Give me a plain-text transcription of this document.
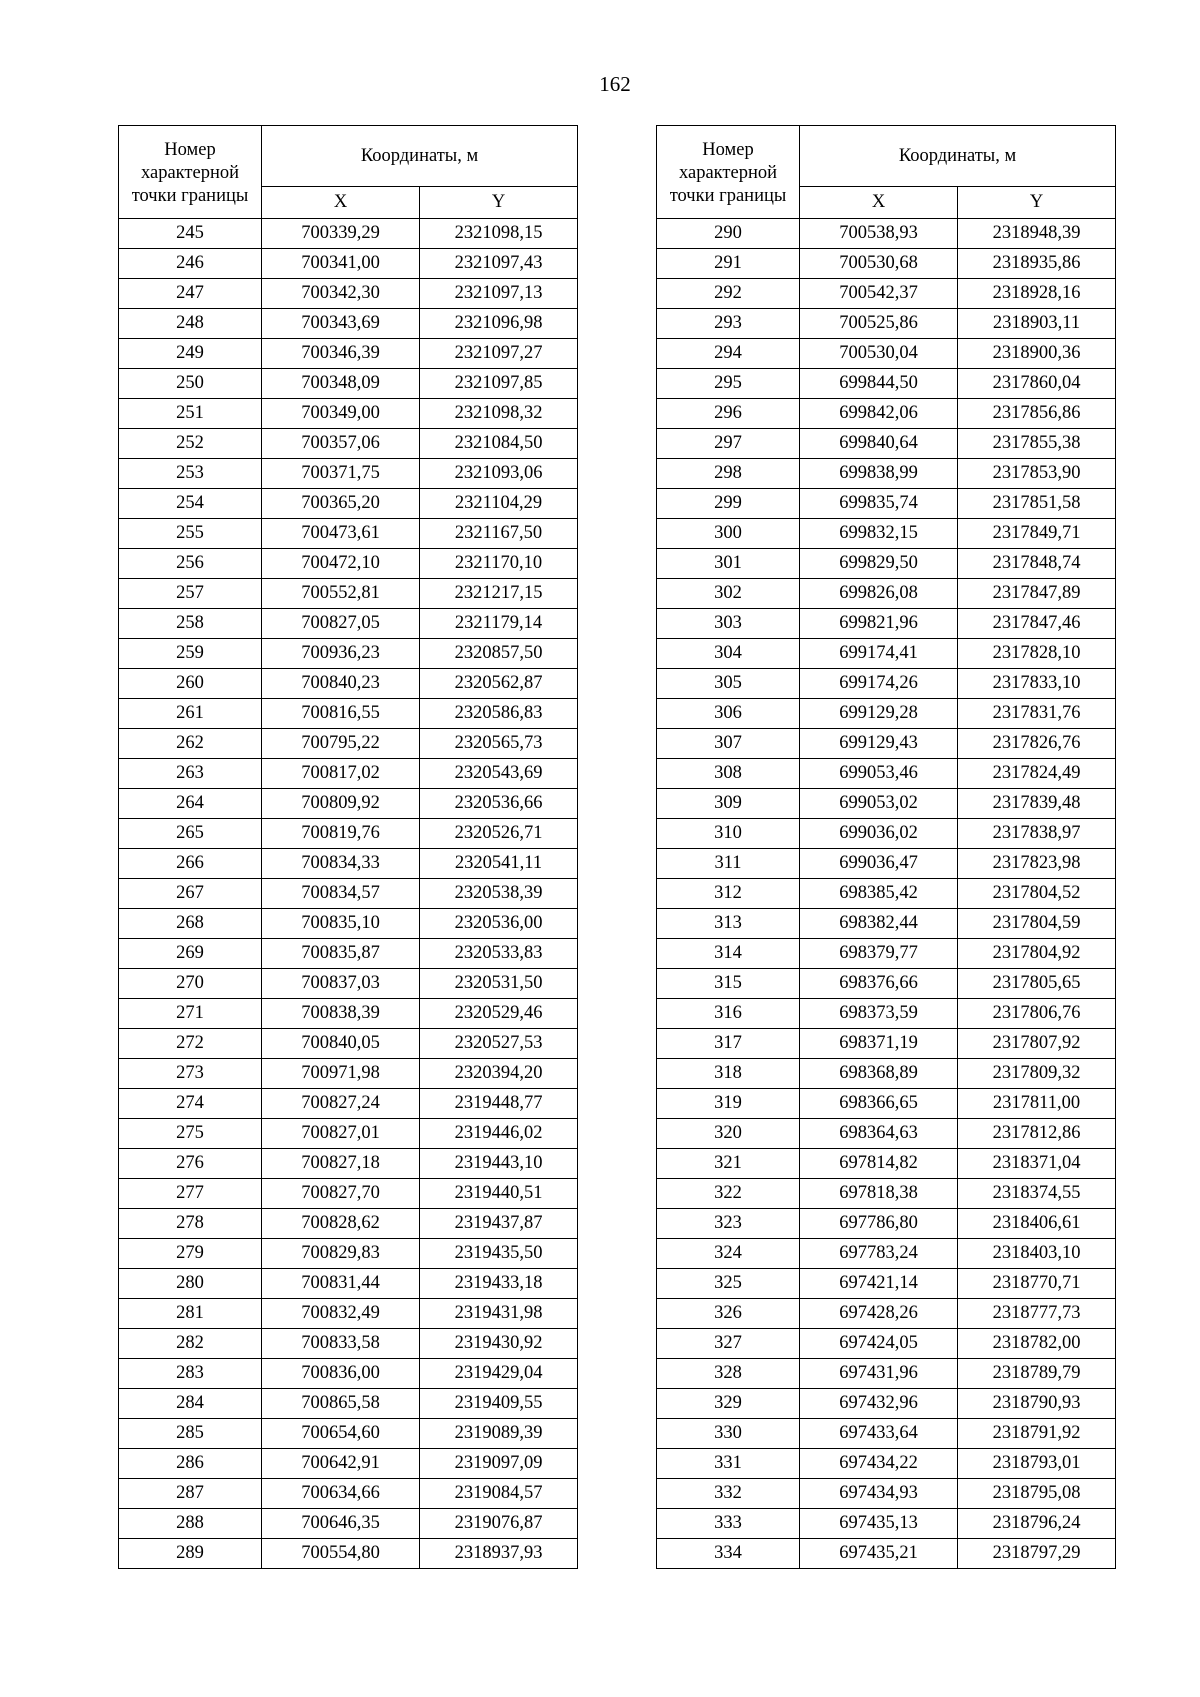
162
Номер характерной точки границы	Координаты, м	
	X	Y
245	700339,29	2321098,15
246	700341,00	2321097,43
247	700342,30	2321097,13
248	700343,69	2321096,98
249	700346,39	2321097,27
250	700348,09	2321097,85
251	700349,00	2321098,32
252	700357,06	2321084,50
253	700371,75	2321093,06
254	700365,20	2321104,29
255	700473,61	2321167,50
256	700472,10	2321170,10
257	700552,81	2321217,15
258	700827,05	2321179,14
259	700936,23	2320857,50
260	700840,23	2320562,87
261	700816,55	2320586,83
262	700795,22	2320565,73
263	700817,02	2320543,69
264	700809,92	2320536,66
265	700819,76	2320526,71
266	700834,33	2320541,11
267	700834,57	2320538,39
268	700835,10	2320536,00
269	700835,87	2320533,83
270	700837,03	2320531,50
271	700838,39	2320529,46
272	700840,05	2320527,53
273	700971,98	2320394,20
274	700827,24	2319448,77
275	700827,01	2319446,02
276	700827,18	2319443,10
277	700827,70	2319440,51
278	700828,62	2319437,87
279	700829,83	2319435,50
280	700831,44	2319433,18
281	700832,49	2319431,98
282	700833,58	2319430,92
283	700836,00	2319429,04
284	700865,58	2319409,55
285	700654,60	2319089,39
286	700642,91	2319097,09
287	700634,66	2319084,57
288	700646,35	2319076,87
289	700554,80	2318937,93
Номер характерной точки границы	Координаты, м	
	X	Y
290	700538,93	2318948,39
291	700530,68	2318935,86
292	700542,37	2318928,16
293	700525,86	2318903,11
294	700530,04	2318900,36
295	699844,50	2317860,04
296	699842,06	2317856,86
297	699840,64	2317855,38
298	699838,99	2317853,90
299	699835,74	2317851,58
300	699832,15	2317849,71
301	699829,50	2317848,74
302	699826,08	2317847,89
303	699821,96	2317847,46
304	699174,41	2317828,10
305	699174,26	2317833,10
306	699129,28	2317831,76
307	699129,43	2317826,76
308	699053,46	2317824,49
309	699053,02	2317839,48
310	699036,02	2317838,97
311	699036,47	2317823,98
312	698385,42	2317804,52
313	698382,44	2317804,59
314	698379,77	2317804,92
315	698376,66	2317805,65
316	698373,59	2317806,76
317	698371,19	2317807,92
318	698368,89	2317809,32
319	698366,65	2317811,00
320	698364,63	2317812,86
321	697814,82	2318371,04
322	697818,38	2318374,55
323	697786,80	2318406,61
324	697783,24	2318403,10
325	697421,14	2318770,71
326	697428,26	2318777,73
327	697424,05	2318782,00
328	697431,96	2318789,79
329	697432,96	2318790,93
330	697433,64	2318791,92
331	697434,22	2318793,01
332	697434,93	2318795,08
333	697435,13	2318796,24
334	697435,21	2318797,29
